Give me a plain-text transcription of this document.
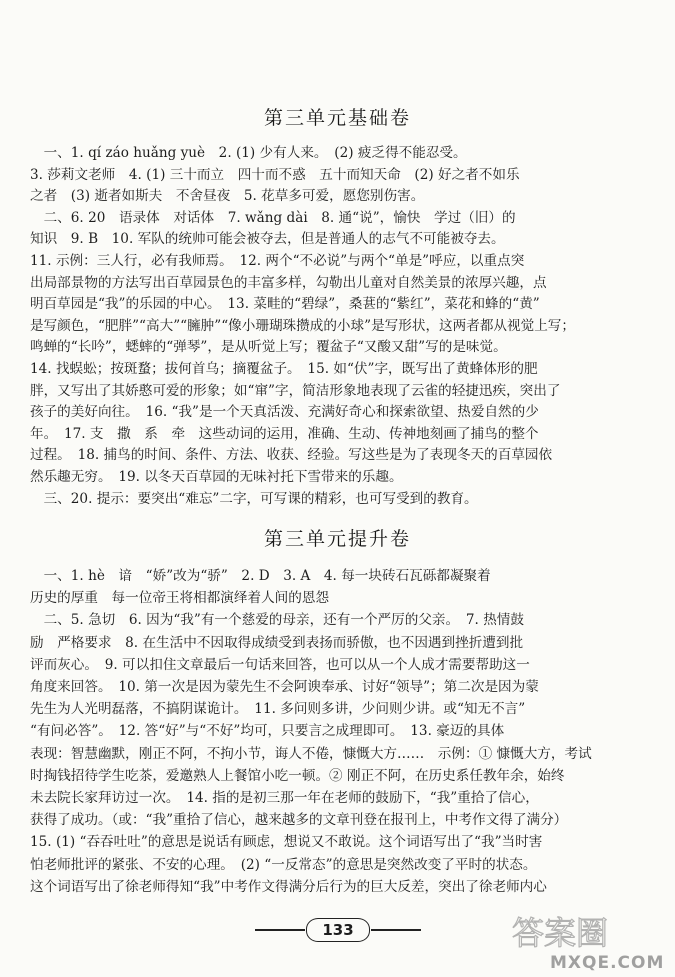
第三单元基础卷
　一、1. qí záo huǎng yuè　2. (1) 少有人来。　(2) 疲乏得不能忍受。
3. 莎莉文老师　4. (1) 三十而立　四十而不惑　五十而知天命　(2) 好之者不如乐
之者　(3) 逝者如斯夫　不舍昼夜　5. 花草多可爱，愿您别伤害。
　二、6. 20　语录体　对话体　7. wǎng dài　8. 通“说”，愉快　学过（旧）的
知识　9. B　10. 军队的统帅可能会被夺去，但是普通人的志气不可能被夺去。
11. 示例：三人行，必有我师焉。　12. 两个“不必说”与两个“单是”呼应，以重点突
出局部景物的方法写出百草园景色的丰富多样，勾勒出儿童对自然美景的浓厚兴趣，点
明百草园是“我”的乐园的中心。　13. 菜畦的“碧绿”，桑葚的“紫红”，菜花和蜂的“黄”
是写颜色，“肥胖”“高大”“臃肿”“像小珊瑚珠攒成的小球”是写形状，这两者都从视觉上写；
鸣蝉的“长吟”，蟋蟀的“弹琴”，是从听觉上写；覆盆子“又酸又甜”写的是味觉。
14. 找蜈蚣；按斑蝥；拔何首乌；摘覆盆子。　15. 如“伏”字，既写出了黄蜂体形的肥
胖，又写出了其娇憨可爱的形象；如“窜”字，简洁形象地表现了云雀的轻捷迅疾，突出了
孩子的美好向往。　16. “我”是一个天真活泼、充满好奇心和探索欲望、热爱自然的少
年。　17. 支　撒　系　牵　这些动词的运用，准确、生动、传神地刻画了捕鸟的整个
过程。　18. 捕鸟的时间、条件、方法、收获、经验。写这些是为了表现冬天的百草园依
然乐趣无穷。　19. 以冬天百草园的无味衬托下雪带来的乐趣。
　三、20. 提示：要突出“难忘”二字，可写课的精彩，也可写受到的教育。
第三单元提升卷
　一、1. hè　谙　“娇”改为“骄”　2. D　3. A　4. 每一块砖石瓦砾都凝聚着
历史的厚重　每一位帝王将相都演绎着人间的恩怨
　二、5. 急切　6. 因为“我”有一个慈爱的母亲，还有一个严厉的父亲。　7. 热情鼓
励　严格要求　8. 在生活中不因取得成绩受到表扬而骄傲，也不因遇到挫折遭到批
评而灰心。　9. 可以扣住文章最后一句话来回答，也可以从一个人成才需要帮助这一
角度来回答。　10. 第一次是因为蒙先生不会阿谀奉承、讨好“领导”；第二次是因为蒙
先生为人光明磊落，不搞阴谋诡计。　11. 多问则多讲，少问则少讲。或“知无不言”
“有问必答”。　12. 答“好”与“不好”均可，只要言之成理即可。　13. 豪迈的具体
表现：智慧幽默，刚正不阿，不拘小节，诲人不倦，慷慨大方……　示例：① 慷慨大方，考试
时掏钱招待学生吃茶，爱邀熟人上餐馆小吃一顿。② 刚正不阿，在历史系任教年余，始终
未去院长家拜访过一次。　14. 指的是初三那一年在老师的鼓励下，“我”重拾了信心，
获得了成功。（或：“我”重拾了信心，越来越多的文章刊登在报刊上，中考作文得了满分）
15. (1) “吞吞吐吐”的意思是说话有顾虑，想说又不敢说。这个词语写出了“我”当时害
怕老师批评的紧张、不安的心理。　(2) “一反常态”的意思是突然改变了平时的状态。
这个词语写出了徐老师得知“我”中考作文得满分后行为的巨大反差，突出了徐老师内心
133	答案圈
MXQE.COM
